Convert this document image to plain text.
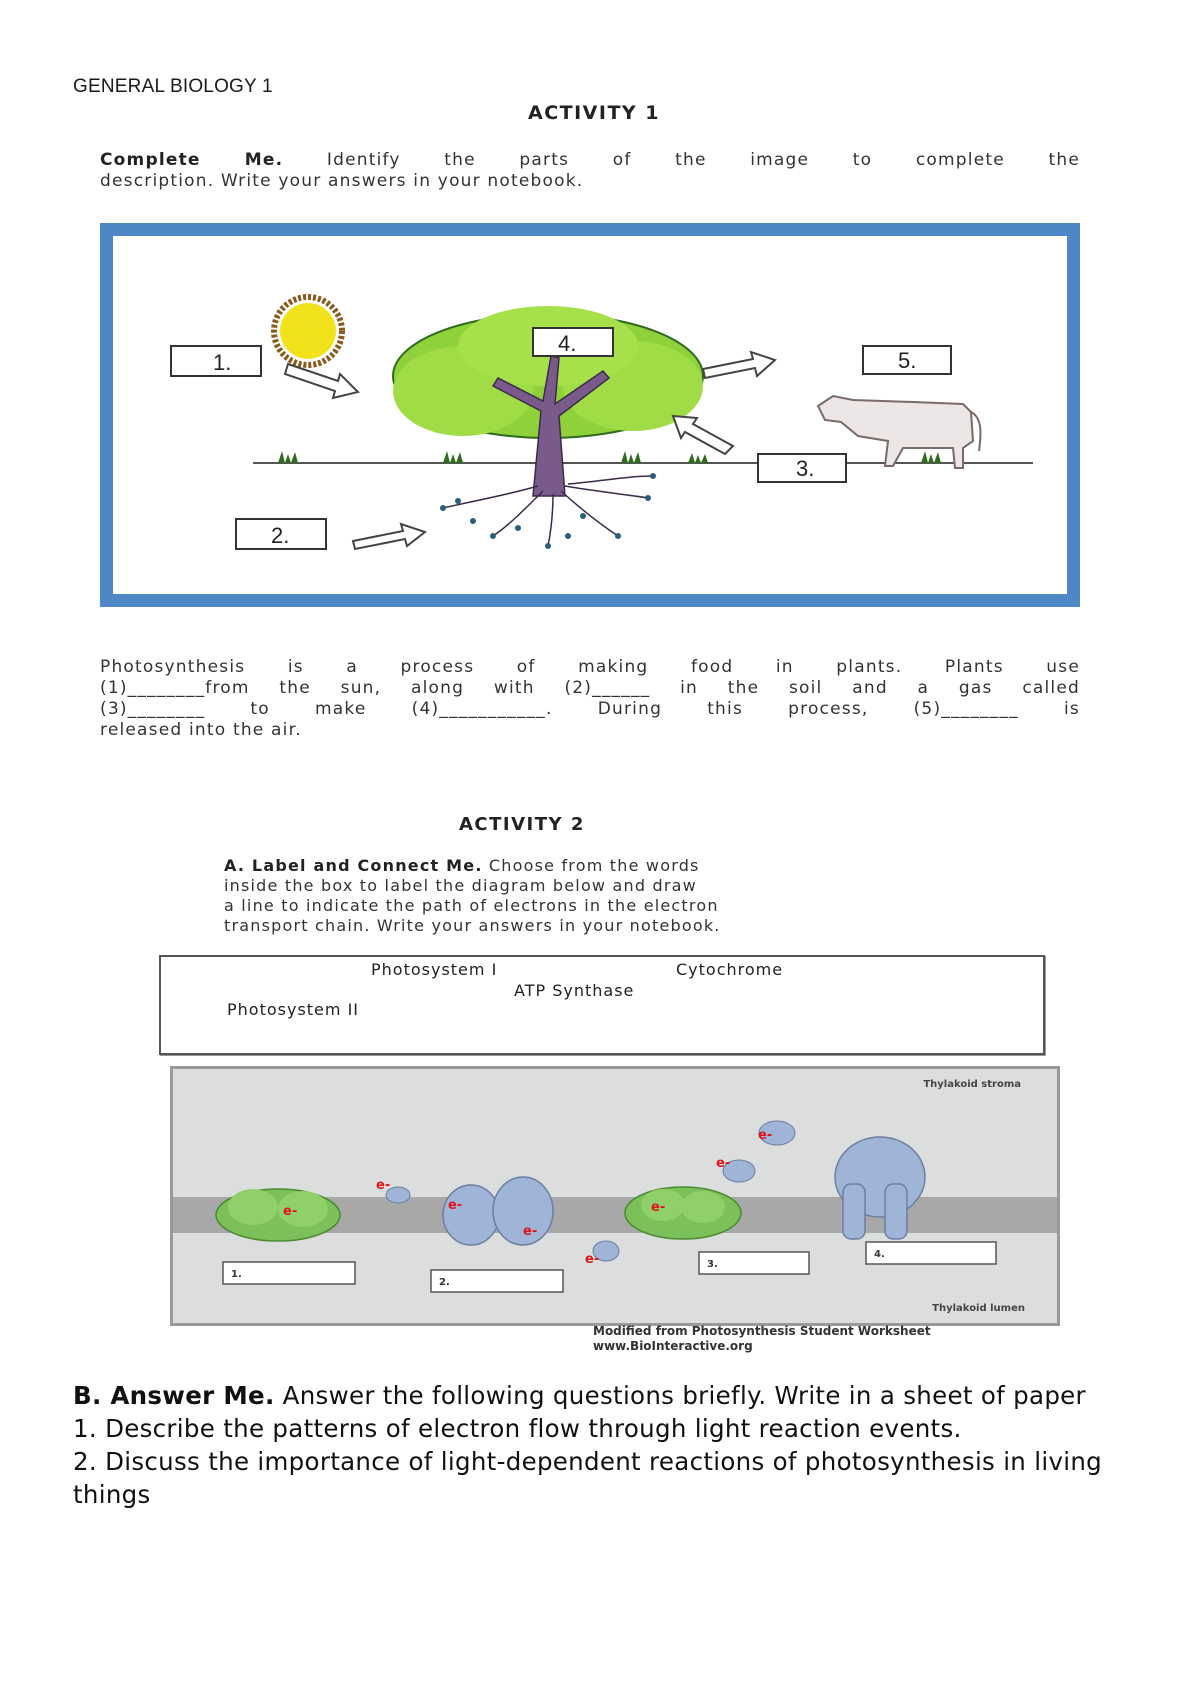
GENERAL BIOLOGY 1
ACTIVITY 1
Complete Me. Identify the parts of the image to complete the
description. Write your answers in your notebook.
1.
2.
3.
4.
5.
Photosynthesis is a process of making food in plants. Plants use
(1)________from the sun, along with (2)______ in the soil and a gas called
(3)________ to make (4)___________. During this process, (5)________ is
released into the air.
ACTIVITY 2
A. Label and Connect Me. Choose from the words
inside the box to label the diagram below and draw
a line to indicate the path of electrons in the electron
transport chain. Write your answers in your notebook.
Photosystem I	Cytochrome
ATP Synthase
Photosystem II
Thylakoid stroma
Thylakoid lumen
e-
e-
e-
e-
e-
e-
e-
e-
1.
2.
3.
4.
Modified from Photosynthesis Student Worksheet
www.BioInteractive.org

B. Answer Me. Answer the following questions briefly. Write in a sheet of paper

1. Describe the patterns of electron flow through light reaction events.

2. Discuss the importance of light-dependent reactions of photosynthesis in living things
